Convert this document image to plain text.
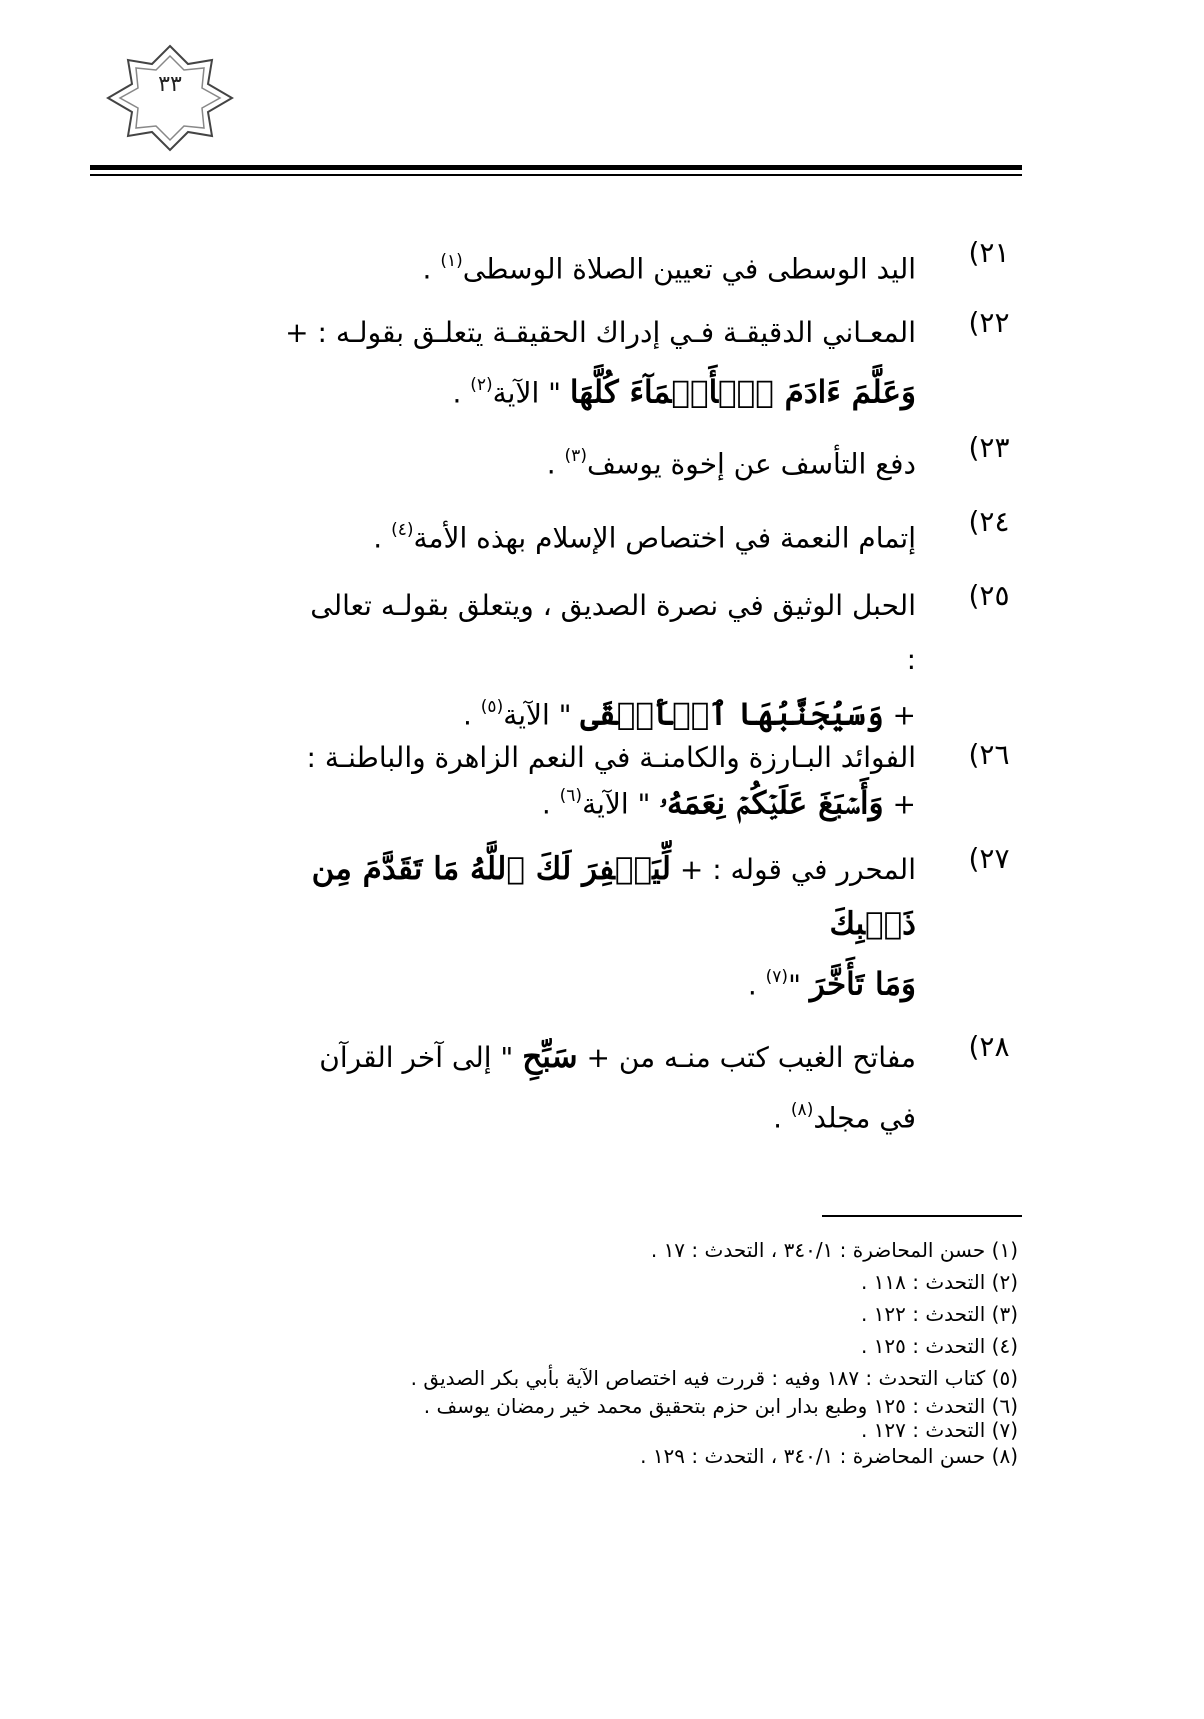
٣٣
٢١)
اليد الوسطى في تعيين الصلاة الوسطى$^{(١)}$ .
٢٢)
المعـاني الدقيقـة فـي إدراك الحقيقـة يتعلـق بقولـه : +
وَعَلَّمَ ءَادَمَ ٱلۡأَسۡمَآءَ كُلَّهَا " الآية$^{(٢)}$ .
٢٣)
دفع التأسف عن إخوة يوسف$^{(٣)}$ .
٢٤)
إتمام النعمة في اختصاص الإسلام بهذه الأمة$^{(٤)}$ .
٢٥)
الحبل الوثيق في نصرة الصديق ، ويتعلق بقولـه تعالى
:
+ وَسَيُجَنَّبُهَا ٱلۡأَتۡقَى " الآية$^{(٥)}$ .
٢٦)
الفوائد البـارزة والكامنـة في النعم الزاهرة والباطنـة :
+ وَأَسۡبَغَ عَلَيۡكُمۡ نِعَمَهُۥ " الآية$^{(٦)}$ .
٢٧)
المحرر في قوله : + لِّيَغۡفِرَ لَكَ ٱللَّهُ مَا تَقَدَّمَ مِن ذَنۢبِكَ
وَمَا تَأَخَّرَ "$^{(٧)}$ .
٢٨)
مفاتح الغيب كتب منـه من + سَبِّحِ " إلى آخر القرآن
في مجلد$^{(٨)}$ .
(١) حسن المحاضرة : ٣٤٠/١ ، التحدث : ١٧ .
(٢) التحدث : ١١٨ .
(٣) التحدث : ١٢٢ .
(٤) التحدث : ١٢٥ .
(٥) كتاب التحدث : ١٨٧ وفيه : قررت فيه اختصاص الآية بأبي بكر الصديق .
(٦) التحدث : ١٢٥ وطبع بدار ابن حزم بتحقيق محمد خير رمضان يوسف .
(٧) التحدث : ١٢٧ .
(٨) حسن المحاضرة : ٣٤٠/١ ، التحدث : ١٢٩ .
